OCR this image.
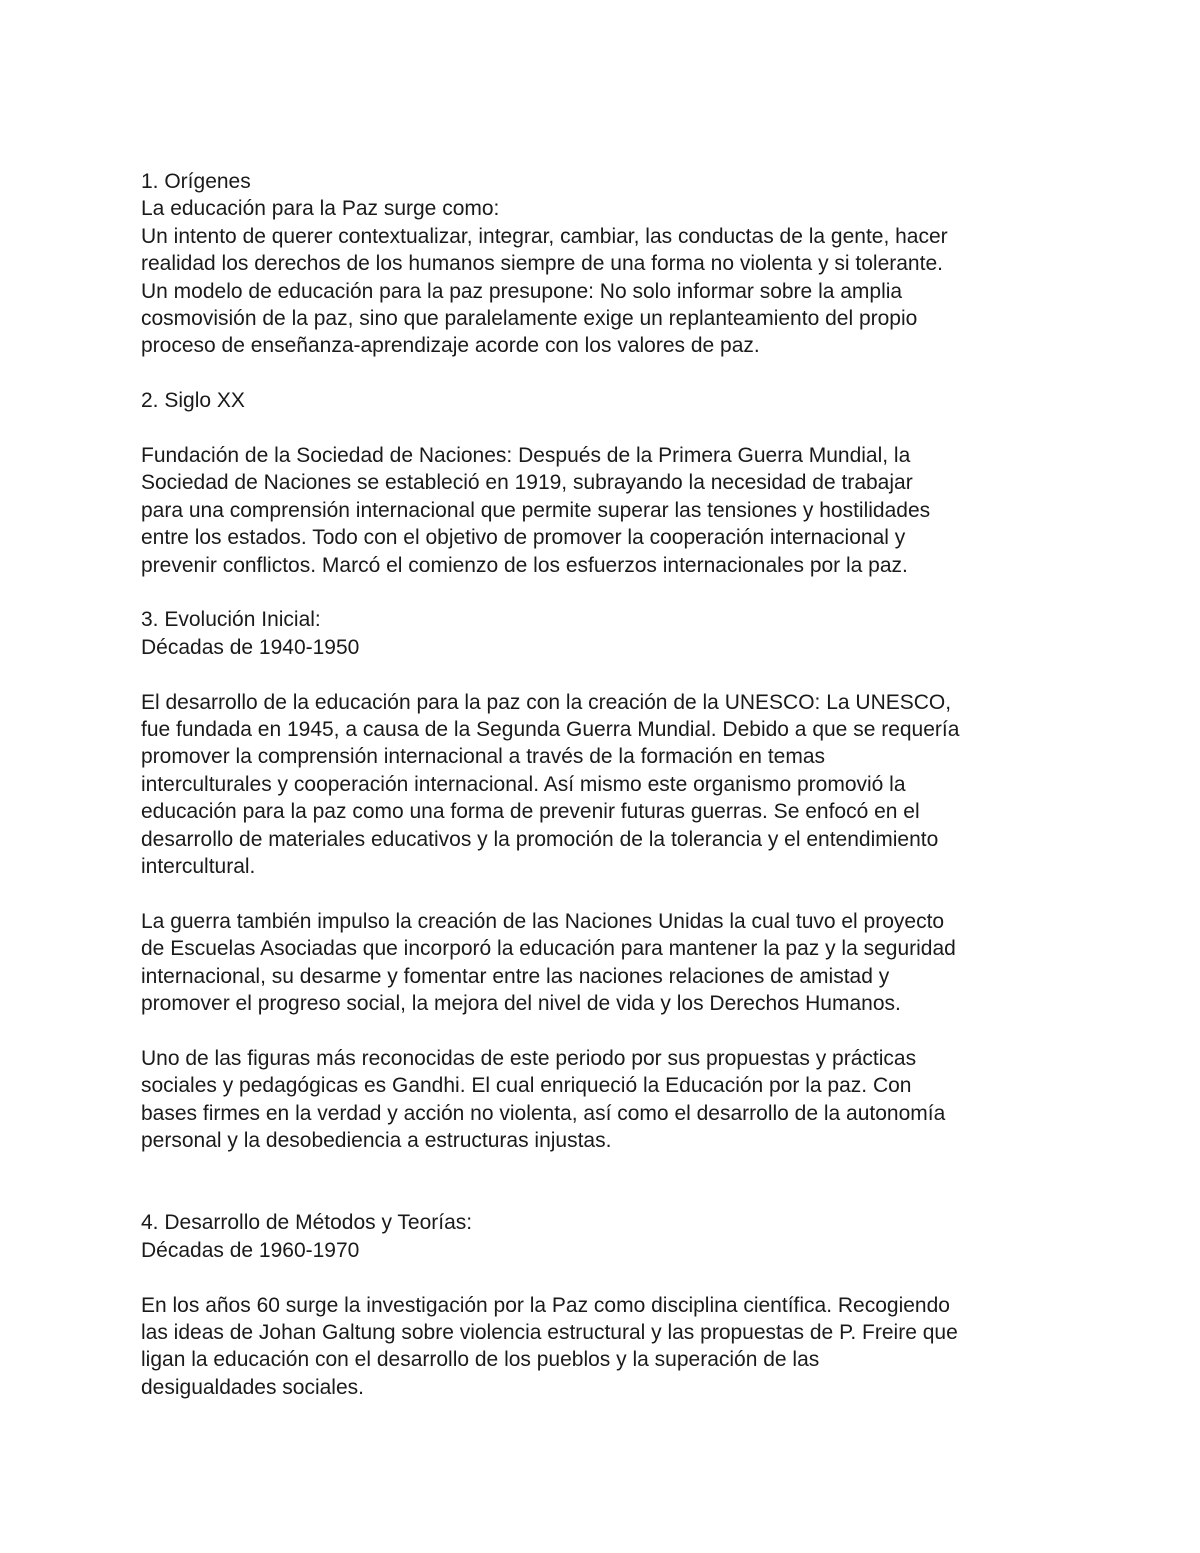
1. Orígenes
La educación para la Paz surge como:
Un intento de querer contextualizar, integrar, cambiar, las conductas de la gente, hacer
realidad los derechos de los humanos siempre de una forma no violenta y si tolerante.
Un modelo de educación para la paz presupone: No solo informar sobre la amplia
cosmovisión de la paz, sino que paralelamente exige un replanteamiento del propio
proceso de enseñanza-aprendizaje acorde con los valores de paz.
2. Siglo XX
Fundación de la Sociedad de Naciones: Después de la Primera Guerra Mundial, la
Sociedad de Naciones se estableció en 1919, subrayando la necesidad de trabajar
para una comprensión internacional que permite superar las tensiones y hostilidades
entre los estados. Todo con el objetivo de promover la cooperación internacional y
prevenir conflictos. Marcó el comienzo de los esfuerzos internacionales por la paz.
3. Evolución Inicial:
Décadas de 1940-1950
El desarrollo de la educación para la paz con la creación de la UNESCO: La UNESCO,
fue fundada en 1945, a causa de la Segunda Guerra Mundial. Debido a que se requería
promover la comprensión internacional a través de la formación en temas
interculturales y cooperación internacional. Así mismo este organismo promovió la
educación para la paz como una forma de prevenir futuras guerras. Se enfocó en el
desarrollo de materiales educativos y la promoción de la tolerancia y el entendimiento
intercultural.
La guerra también impulso la creación de las Naciones Unidas la cual tuvo el proyecto
de Escuelas Asociadas que incorporó la educación para mantener la paz y la seguridad
internacional, su desarme y fomentar entre las naciones relaciones de amistad y
promover el progreso social, la mejora del nivel de vida y los Derechos Humanos.
Uno de las figuras más reconocidas de este periodo por sus propuestas y prácticas
sociales y pedagógicas es Gandhi. El cual enriqueció la Educación por la paz. Con
bases firmes en la verdad y acción no violenta, así como el desarrollo de la autonomía
personal y la desobediencia a estructuras injustas.
4. Desarrollo de Métodos y Teorías:
Décadas de 1960-1970
En los años 60 surge la investigación por la Paz como disciplina científica. Recogiendo
las ideas de Johan Galtung sobre violencia estructural y las propuestas de P. Freire que
ligan la educación con el desarrollo de los pueblos y la superación de las
desigualdades sociales.
